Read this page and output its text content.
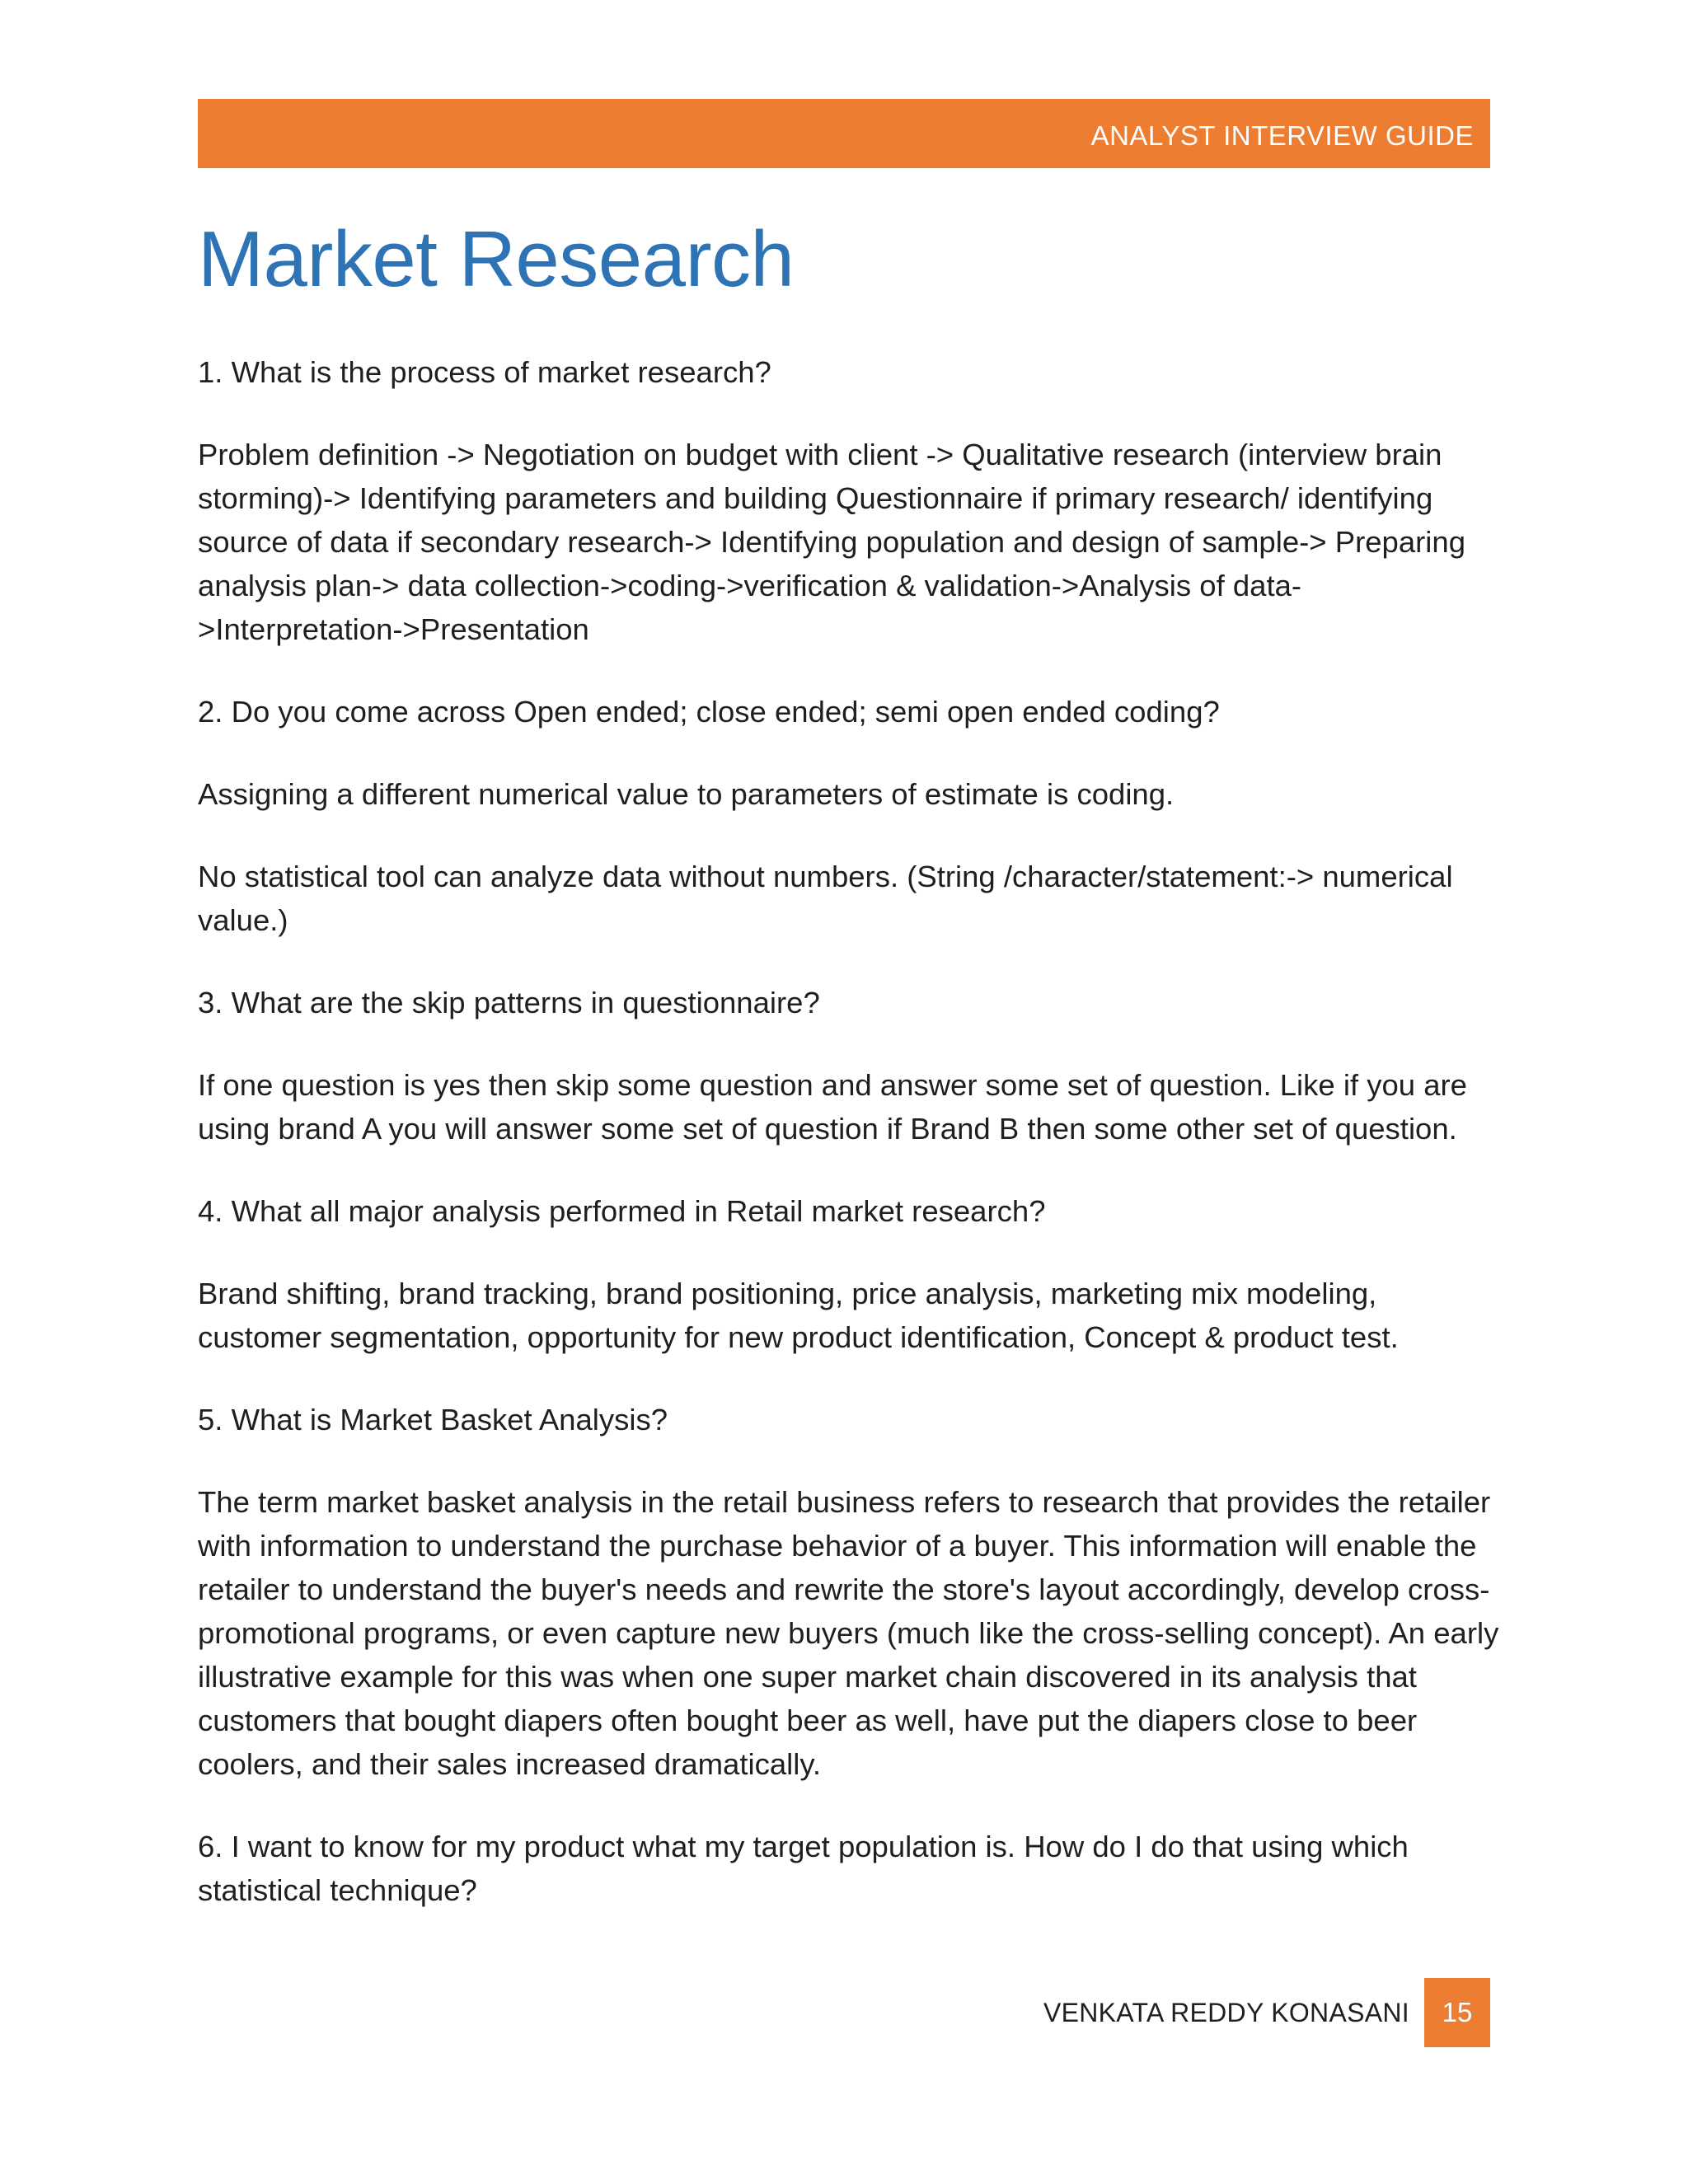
ANALYST INTERVIEW GUIDE
Market Research

1. What is the process of market research?

Problem definition -> Negotiation on budget with client -> Qualitative research (interview brain storming)-> Identifying parameters and building Questionnaire if primary research/ identifying source of data if secondary research-> Identifying population and design of sample-> Preparing analysis plan-> data collection->coding->verification & validation->Analysis of data- >Interpretation->Presentation

2. Do you come across Open ended; close ended; semi open ended coding?

Assigning a different numerical value to parameters of estimate is coding.

No statistical tool can analyze data without numbers. (String /character/statement:-> numerical value.)

3. What are the skip patterns in questionnaire?

If one question is yes then skip some question and answer some set of question. Like if you are using brand A you will answer some set of question if Brand B then some other set of question.

4. What all major analysis performed in Retail market research?

Brand shifting, brand tracking, brand positioning, price analysis, marketing mix modeling, customer segmentation, opportunity for new product identification, Concept & product test.

5. What is Market Basket Analysis?

The term market basket analysis in the retail business refers to research that provides the retailer with information to understand the purchase behavior of a buyer. This information will enable the retailer to understand the buyer's needs and rewrite the store's layout accordingly, develop cross-promotional programs, or even capture new buyers (much like the cross-selling concept). An early illustrative example for this was when one super market chain discovered in its analysis that customers that bought diapers often bought beer as well, have put the diapers close to beer coolers, and their sales increased dramatically.

6. I want to know for my product what my target population is. How do I do that using which statistical technique?

VENKATA REDDY KONASANI	15
